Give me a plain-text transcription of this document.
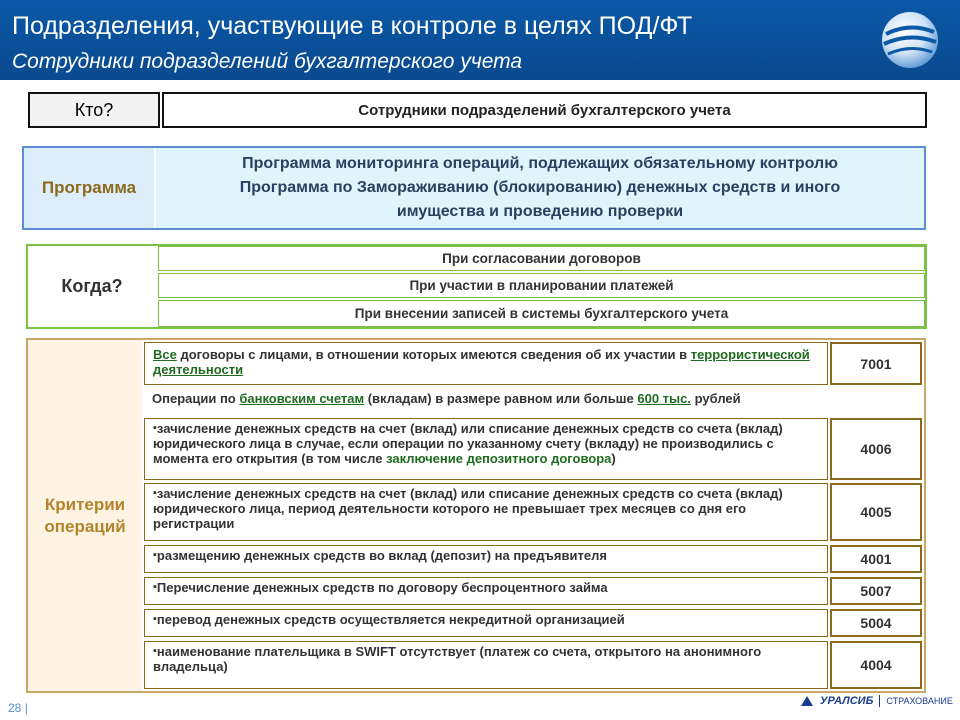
Подразделения, участвующие в контроле в целях ПОД/ФТ
Сотрудники подразделений бухгалтерского учета
Кто?	Сотрудники подразделений бухгалтерского учета
Программа
Программа мониторинга операций, подлежащих обязательному контролю
Программа по Замораживанию (блокированию) денежных средств и иного
имущества и проведению проверки
Когда?
При согласовании договоров
При участии в планировании платежей
При внесении записей в системы бухгалтерского учета
Критерии
операций
Все договоры с лицами, в отношении которых имеются сведения об их участии в террористической деятельности	7001
Операции по банковским счетам (вкладам) в размере равном или больше 600 тыс. рублей
▪зачисление денежных средств на счет (вклад) или списание денежных средств со счета (вклад) юридического лица в случае, если операции по указанному счету (вкладу) не производились с момента его открытия (в том числе заключение депозитного договора)
4006
▪зачисление денежных средств на счет (вклад) или списание денежных средств со счета (вклад) юридического лица, период деятельности которого не превышает трех месяцев со дня его регистрации
4005
▪размещению денежных средств во вклад (депозит) на предъявителя	4001
▪Перечисление денежных средств по договору беспроцентного займа	5007
▪перевод денежных средств осуществляется некредитной организацией	5004
▪наименование плательщика в SWIFT отсутствует (платеж со счета, открытого на анонимного владельца)	4004
28 |	УРАЛСИБ СТРАХОВАНИЕ
